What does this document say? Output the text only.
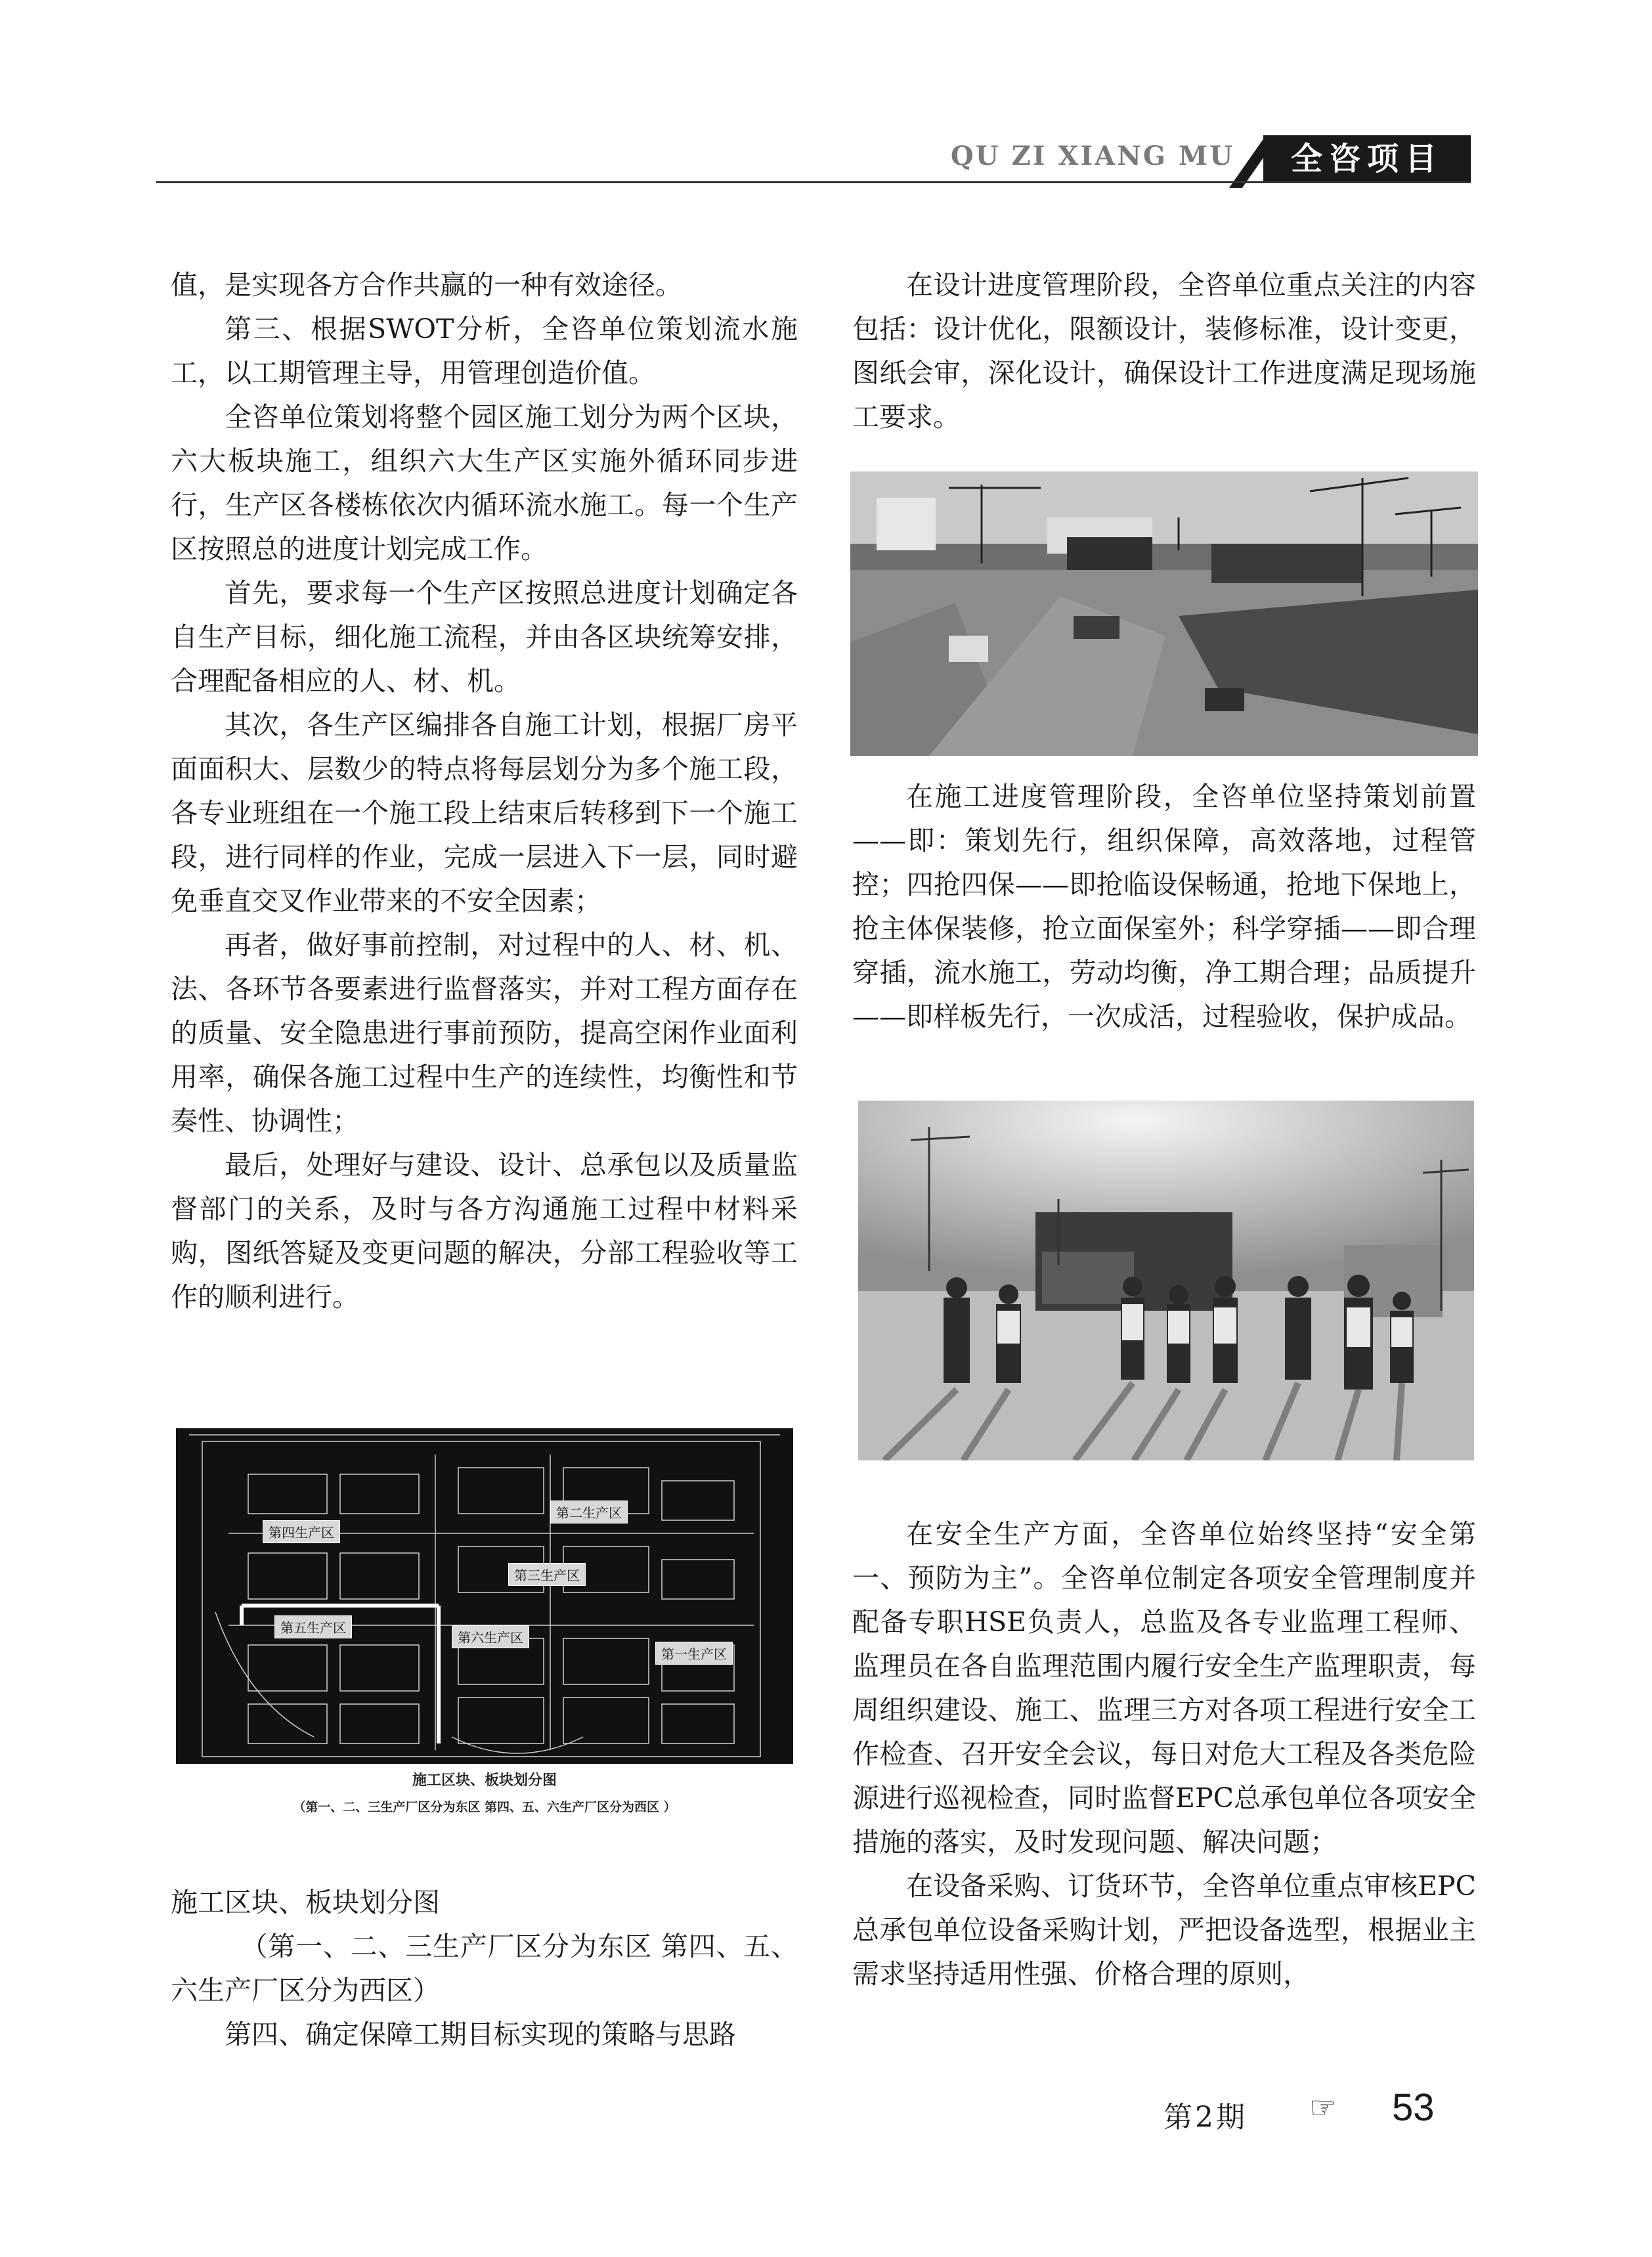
QU ZI XIANG MU	全咨项目

值，是实现各方合作共赢的一种有效途径。

第三、根据SWOT分析，全咨单位策划流水施工，以工期管理主导，用管理创造价值。

全咨单位策划将整个园区施工划分为两个区块，六大板块施工，组织六大生产区实施外循环同步进行，生产区各楼栋依次内循环流水施工。每一个生产区按照总的进度计划完成工作。

首先，要求每一个生产区按照总进度计划确定各自生产目标，细化施工流程，并由各区块统筹安排，合理配备相应的人、材、机。

其次，各生产区编排各自施工计划，根据厂房平面面积大、层数少的特点将每层划分为多个施工段，各专业班组在一个施工段上结束后转移到下一个施工段，进行同样的作业，完成一层进入下一层，同时避免垂直交叉作业带来的不安全因素；

再者，做好事前控制，对过程中的人、材、机、法、各环节各要素进行监督落实，并对工程方面存在的质量、安全隐患进行事前预防，提高空闲作业面利用率，确保各施工过程中生产的连续性，均衡性和节奏性、协调性；

最后，处理好与建设、设计、总承包以及质量监督部门的关系，及时与各方沟通施工过程中材料采购，图纸答疑及变更问题的解决，分部工程验收等工作的顺利进行。

第四生产区
第二生产区
第三生产区
第五生产区
第六生产区
第一生产区
施工区块、板块划分图
（第一、二、三生产厂区分为东区 第四、五、六生产厂区分为西区 ）

施工区块、板块划分图

（第一、二、三生产厂区分为东区 第四、五、六生产厂区分为西区）

第四、确定保障工期目标实现的策略与思路

在设计进度管理阶段，全咨单位重点关注的内容包括：设计优化，限额设计，装修标准，设计变更，图纸会审，深化设计，确保设计工作进度满足现场施工要求。

在施工进度管理阶段，全咨单位坚持策划前置——即：策划先行，组织保障，高效落地，过程管控；四抢四保——即抢临设保畅通，抢地下保地上，抢主体保装修，抢立面保室外；科学穿插——即合理穿插，流水施工，劳动均衡，净工期合理；品质提升——即样板先行，一次成活，过程验收，保护成品。

在安全生产方面，全咨单位始终坚持“安全第一、预防为主”。全咨单位制定各项安全管理制度并配备专职HSE负责人，总监及各专业监理工程师、监理员在各自监理范围内履行安全生产监理职责，每周组织建设、施工、监理三方对各项工程进行安全工作检查、召开安全会议，每日对危大工程及各类危险源进行巡视检查，同时监督EPC总承包单位各项安全措施的落实，及时发现问题、解决问题；

在设备采购、订货环节，全咨单位重点审核EPC总承包单位设备采购计划，严把设备选型，根据业主需求坚持适用性强、价格合理的原则，

第2期 ☞ 53
